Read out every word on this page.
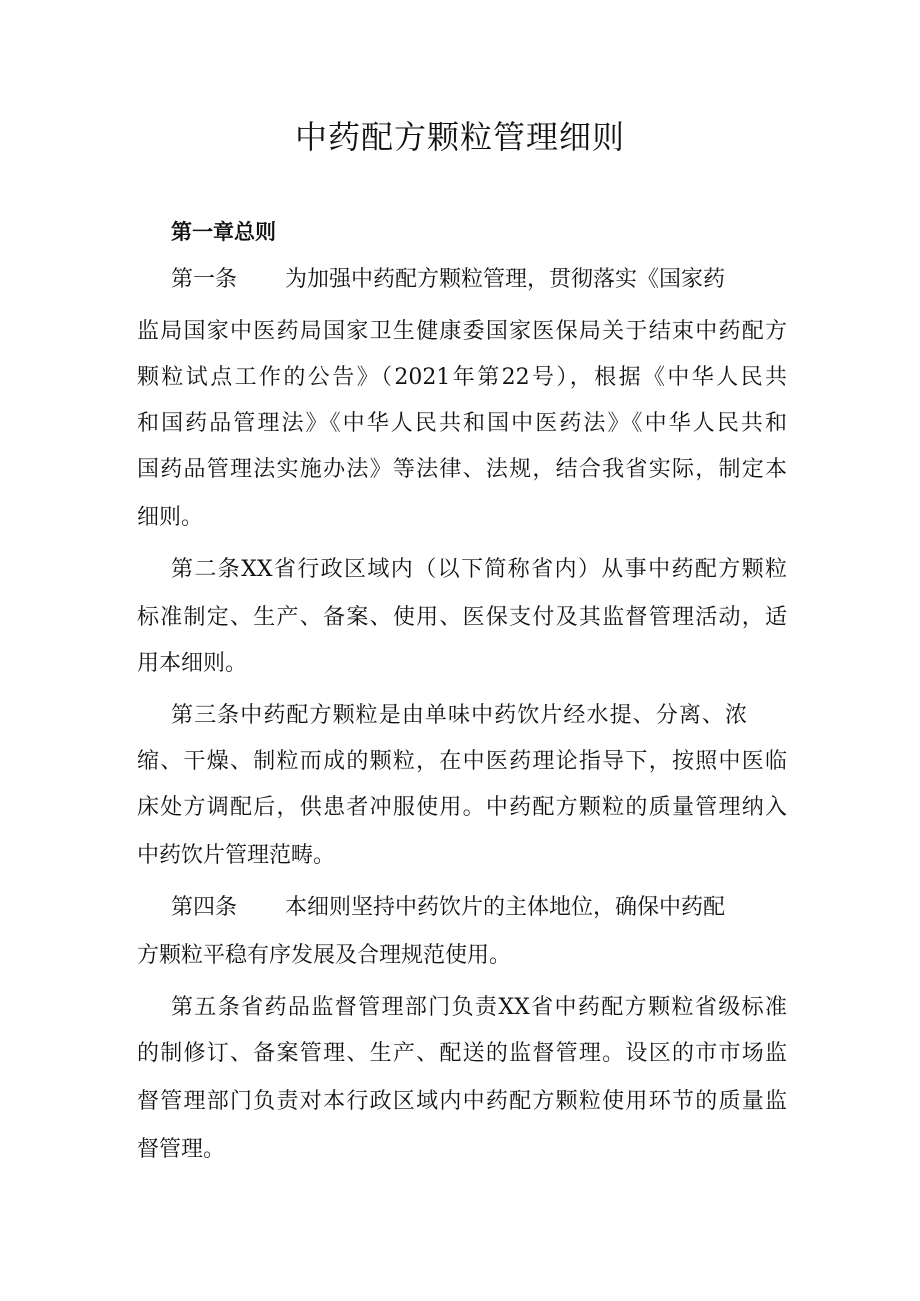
中药配方颗粒管理细则
第一章总则

第一条 为加强中药配方颗粒管理，贯彻落实《国家药

监局国家中医药局国家卫生健康委国家医保局关于结束中药配方

颗粒试点工作的公告》（2021年第22号），根据《中华人民共

和国药品管理法》《中华人民共和国中医药法》《中华人民共和

国药品管理法实施办法》等法律、法规，结合我省实际，制定本

细则。

第二条XX省行政区域内（以下简称省内）从事中药配方颗粒

标准制定、生产、备案、使用、医保支付及其监督管理活动，适

用本细则。

第三条中药配方颗粒是由单味中药饮片经水提、分离、浓

缩、干燥、制粒而成的颗粒，在中医药理论指导下，按照中医临

床处方调配后，供患者冲服使用。中药配方颗粒的质量管理纳入

中药饮片管理范畴。

第四条 本细则坚持中药饮片的主体地位，确保中药配

方颗粒平稳有序发展及合理规范使用。

第五条省药品监督管理部门负责XX省中药配方颗粒省级标准

的制修订、备案管理、生产、配送的监督管理。设区的市市场监

督管理部门负责对本行政区域内中药配方颗粒使用环节的质量监

督管理。
